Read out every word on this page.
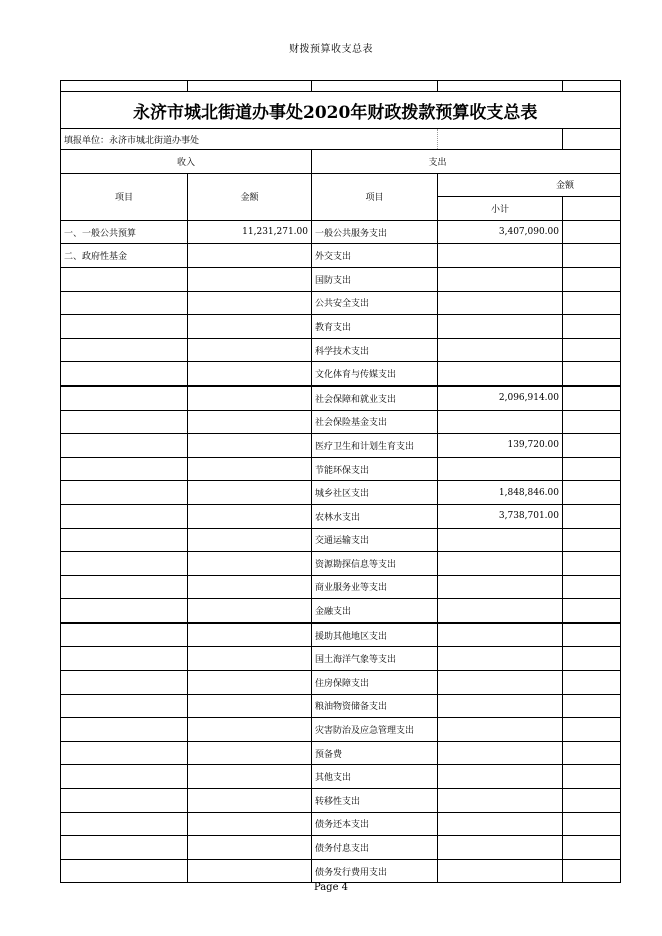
财拨预算收支总表

永济市城北街道办事处2020年财政拨款预算收支总表				
填报单位：永济市城北街道办事处				
收入		支出		
项目	金额	项目	金额	
			小计	
一、一般公共预算	11,231,271.00	一般公共服务支出	3,407,090.00	
二、政府性基金		外交支出		
		国防支出		
		公共安全支出		
		教育支出		
		科学技术支出		
		文化体育与传媒支出		
		社会保障和就业支出	2,096,914.00	
		社会保险基金支出		
		医疗卫生和计划生育支出	139,720.00	
		节能环保支出		
		城乡社区支出	1,848,846.00	
		农林水支出	3,738,701.00	
		交通运输支出		
		资源勘探信息等支出		
		商业服务业等支出		
		金融支出		
		援助其他地区支出		
		国土海洋气象等支出		
		住房保障支出		
		粮油物资储备支出		
		灾害防治及应急管理支出		
		预备费		
		其他支出		
		转移性支出		
		债务还本支出		
		债务付息支出		
		债务发行费用支出		
Page 4
